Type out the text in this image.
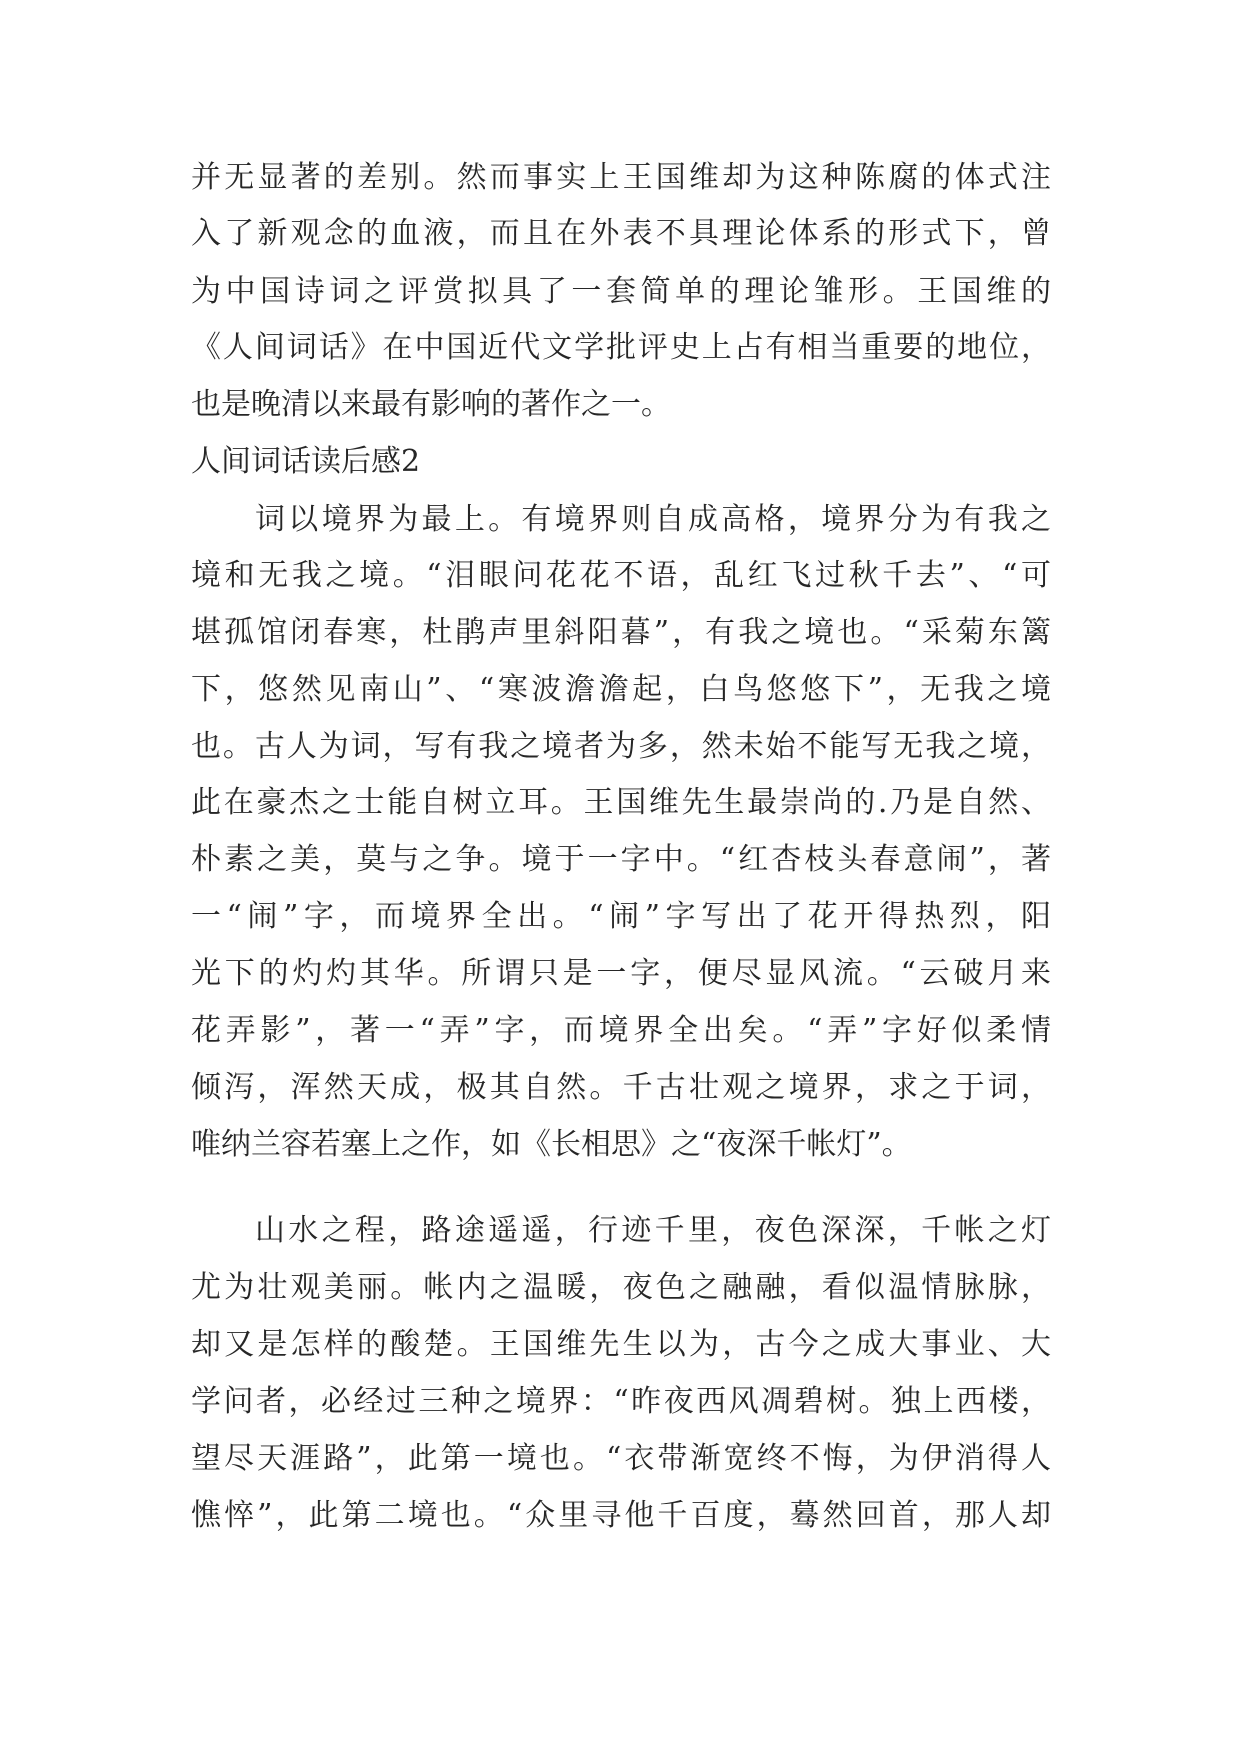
并无显著的差别。然而事实上王国维却为这种陈腐的体式注
入了新观念的血液，而且在外表不具理论体系的形式下，曾
为中国诗词之评赏拟具了一套简单的理论雏形。王国维的
《人间词话》在中国近代文学批评史上占有相当重要的地位，
也是晚清以来最有影响的著作之一。
人间词话读后感2
词以境界为最上。有境界则自成高格，境界分为有我之
境和无我之境。“泪眼问花花不语，乱红飞过秋千去”、“可
堪孤馆闭春寒，杜鹃声里斜阳暮”，有我之境也。“采菊东篱
下，悠然见南山”、“寒波澹澹起，白鸟悠悠下”，无我之境
也。古人为词，写有我之境者为多，然未始不能写无我之境，
此在豪杰之士能自树立耳。王国维先生最崇尚的.乃是自然、
朴素之美，莫与之争。境于一字中。“红杏枝头春意闹”，著
一“闹”字，而境界全出。“闹”字写出了花开得热烈，阳
光下的灼灼其华。所谓只是一字，便尽显风流。“云破月来
花弄影”，著一“弄”字，而境界全出矣。“弄”字好似柔情
倾泻，浑然天成，极其自然。千古壮观之境界，求之于词，
唯纳兰容若塞上之作，如《长相思》之“夜深千帐灯”。
山水之程，路途遥遥，行迹千里，夜色深深，千帐之灯
尤为壮观美丽。帐内之温暖，夜色之融融，看似温情脉脉，
却又是怎样的酸楚。王国维先生以为，古今之成大事业、大
学问者，必经过三种之境界：“昨夜西风凋碧树。独上西楼，
望尽天涯路”，此第一境也。“衣带渐宽终不悔，为伊消得人
憔悴”，此第二境也。“众里寻他千百度，蓦然回首，那人却
